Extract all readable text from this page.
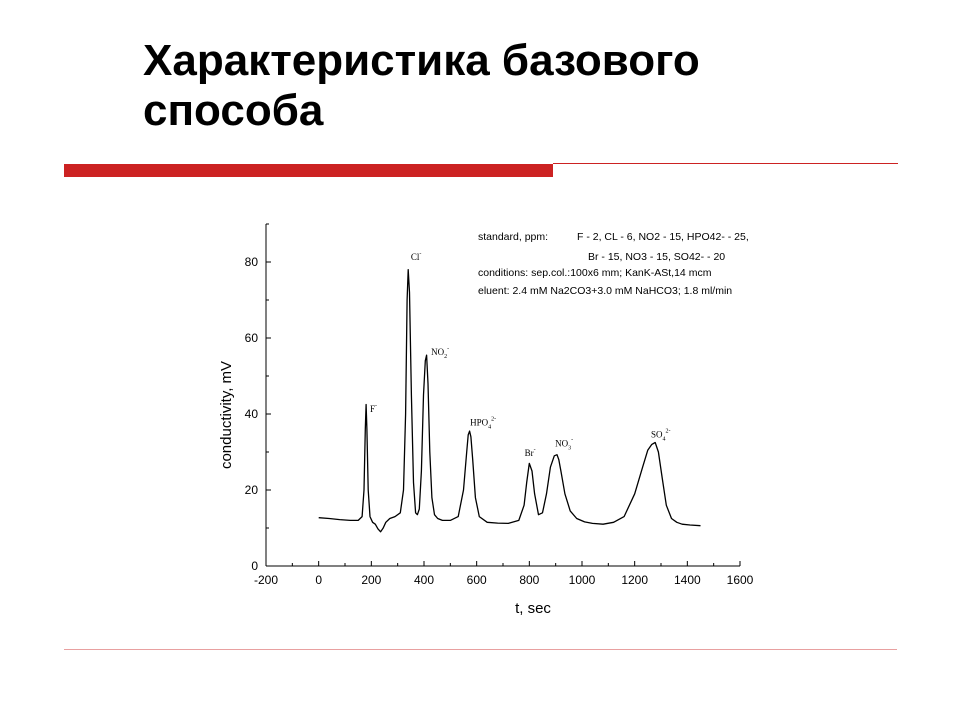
Характеристика базового
способа
-200	0	200	400	600	800 1000 1200 1400 1600
0
20
40
60
80
t, sec
conductivity, mV	F-
Cl-
$NO_2^-$
$HPO_4^{2-}$
Br-
$NO_3^-$
$SO_4^{2-}$
standard, ppm:	F - 2, CL - 6, NO2 - 15, HPO42- - 25,
Br - 15, NO3 - 15, SO42- - 20
conditions: sep.col.:100x6 mm; KanK-ASt,14 mcm
eluent: 2.4 mM Na2CO3+3.0 mM NaHCO3; 1.8 ml/min
